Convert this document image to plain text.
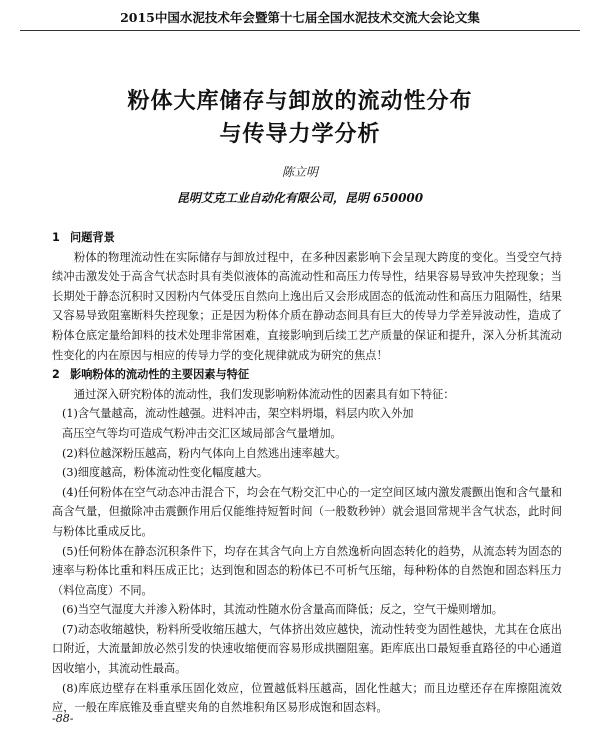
2015中国水泥技术年会暨第十七届全国水泥技术交流大会论文集
粉体大库储存与卸放的流动性分布
与传导力学分析
陈立明
昆明艾克工业自动化有限公司，昆明 650000

1 问题背景

粉体的物理流动性在实际储存与卸放过程中，在多种因素影响下会呈现大跨度的变化。当受空气持续冲击激发处于高含气状态时具有类似液体的高流动性和高压力传导性，结果容易导致冲失控现象；当长期处于静态沉积时又因粉内气体受压自然向上逸出后又会形成固态的低流动性和高压力阻隔性，结果又容易导致阻塞断料失控现象；正是因为粉体介质在静动态间具有巨大的传导力学差异波动性，造成了粉体仓底定量给卸料的技术处理非常困难，直接影响到后续工艺产质量的保证和提升，深入分析其流动性变化的内在原因与相应的传导力学的变化规律就成为研究的焦点！

2 影响粉体的流动性的主要因素与特征

通过深入研究粉体的流动性，我们发现影响粉体流动性的因素具有如下特征：

(1)含气量越高，流动性越强。进料冲击，架空料坍塌，料层内吹入外加

高压空气等均可造成气粉冲击交汇区域局部含气量增加。

(2)料位越深粉压越高，粉内气体向上自然逃出速率越大。

(3)细度越高，粉体流动性变化幅度越大。

(4)任何粉体在空气动态冲击混合下，均会在气粉交汇中心的一定空间区域内激发震颤出饱和含气量和高含气量，但撤除冲击震颤作用后仅能维持短暂时间（一般数秒钟）就会退回常规半含气状态，此时间与粉体比重成反比。

(5)任何粉体在静态沉积条件下，均存在其含气向上方自然逸析向固态转化的趋势，从流态转为固态的速率与粉体比重和料压成正比；达到饱和固态的粉体已不可析气压缩，每种粉体的自然饱和固态料压力（料位高度）不同。

(6)当空气湿度大并渗入粉体时，其流动性随水份含量高而降低；反之，空气干燥则增加。

(7)动态收缩越快，粉料所受收缩压越大，气体挤出效应越快，流动性转变为固性越快，尤其在仓底出口附近，大流量卸放必然引发的快速收缩便而容易形成拱圈阻塞。距库底出口最短垂直路径的中心通道因收缩小，其流动性最高。

(8)库底边壁存在料重承压固化效应，位置越低料压越高，固化性越大；而且边壁还存在库擦阻流效应，一般在库底锥及垂直壁夹角的自然堆积角区易形成饱和固态料。

-88-
